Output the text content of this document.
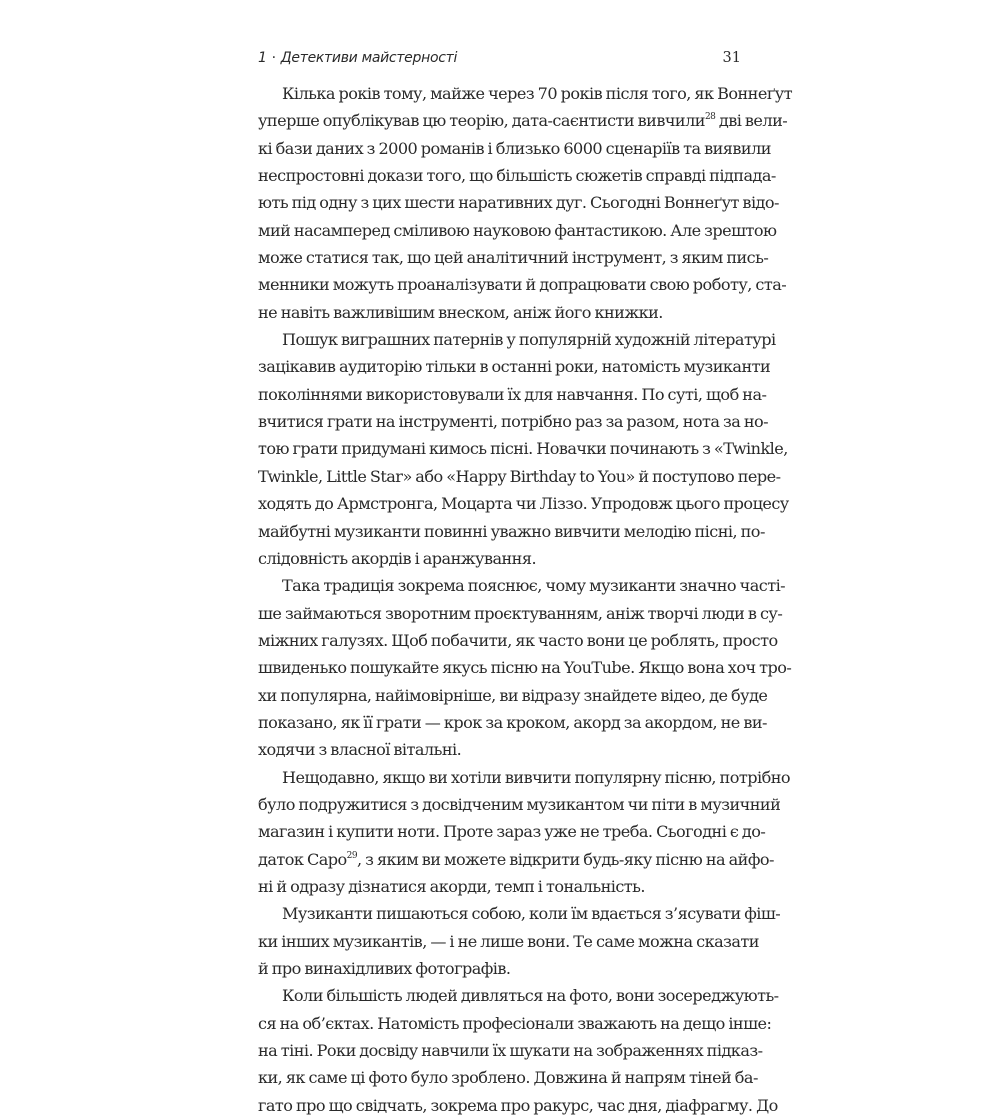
1 · Детективи майстерності	31
Кілька років тому, майже через 70 років після того, як Воннеґут
уперше опублікував цю теорію, дата-саєнтисти вивчили$^{28}$ дві вели-
кі бази даних з 2000 романів і близько 6000 сценаріїв та виявили
неспростовні докази того, що більшість сюжетів справді підпада-
ють під одну з цих шести наративних дуг. Сьогодні Воннеґут відо-
мий насамперед сміливою науковою фантастикою. Але зрештою
може статися так, що цей аналітичний інструмент, з яким пись-
менники можуть проаналізувати й допрацювати свою роботу, ста-
не навіть важливішим внеском, аніж його книжки.
Пошук виграшних патернів у популярній художній літературі
зацікавив аудиторію тільки в останні роки, натомість музиканти
поколіннями використовували їх для навчання. По суті, щоб на-
вчитися грати на інструменті, потрібно раз за разом, нота за но-
тою грати придумані кимось пісні. Новачки починають з «Twinkle,
Twinkle, Little Star» або «Happy Birthday to You» й поступово пере-
ходять до Армстронга, Моцарта чи Ліззо. Упродовж цього процесу
майбутні музиканти повинні уважно вивчити мелодію пісні, по-
слідовність акордів і аранжування.
Така традиція зокрема пояснює, чому музиканти значно часті-
ше займаються зворотним проєктуванням, аніж творчі люди в су-
міжних галузях. Щоб побачити, як часто вони це роблять, просто
швиденько пошукайте якусь пісню на YouTube. Якщо вона хоч тро-
хи популярна, найімовірніше, ви відразу знайдете відео, де буде
показано, як її грати — крок за кроком, акорд за акордом, не ви-
ходячи з власної вітальні.
Нещодавно, якщо ви хотіли вивчити популярну пісню, потрібно
було подружитися з досвідченим музикантом чи піти в музичний
магазин і купити ноти. Проте зараз уже не треба. Сьогодні є до-
даток Capo$^{29}$, з яким ви можете відкрити будь-яку пісню на айфо-
ні й одразу дізнатися акорди, темп і тональність.
Музиканти пишаються собою, коли їм вдається з’ясувати фіш-
ки інших музикантів, — і не лише вони. Те саме можна сказати
й про винахідливих фотографів.
Коли більшість людей дивляться на фото, вони зосереджують-
ся на об’єктах. Натомість професіонали зважають на дещо інше:
на тіні. Роки досвіду навчили їх шукати на зображеннях підказ-
ки, як саме ці фото було зроблено. Довжина й напрям тіней ба-
гато про що свідчать, зокрема про ракурс, час дня, діафрагму. До
